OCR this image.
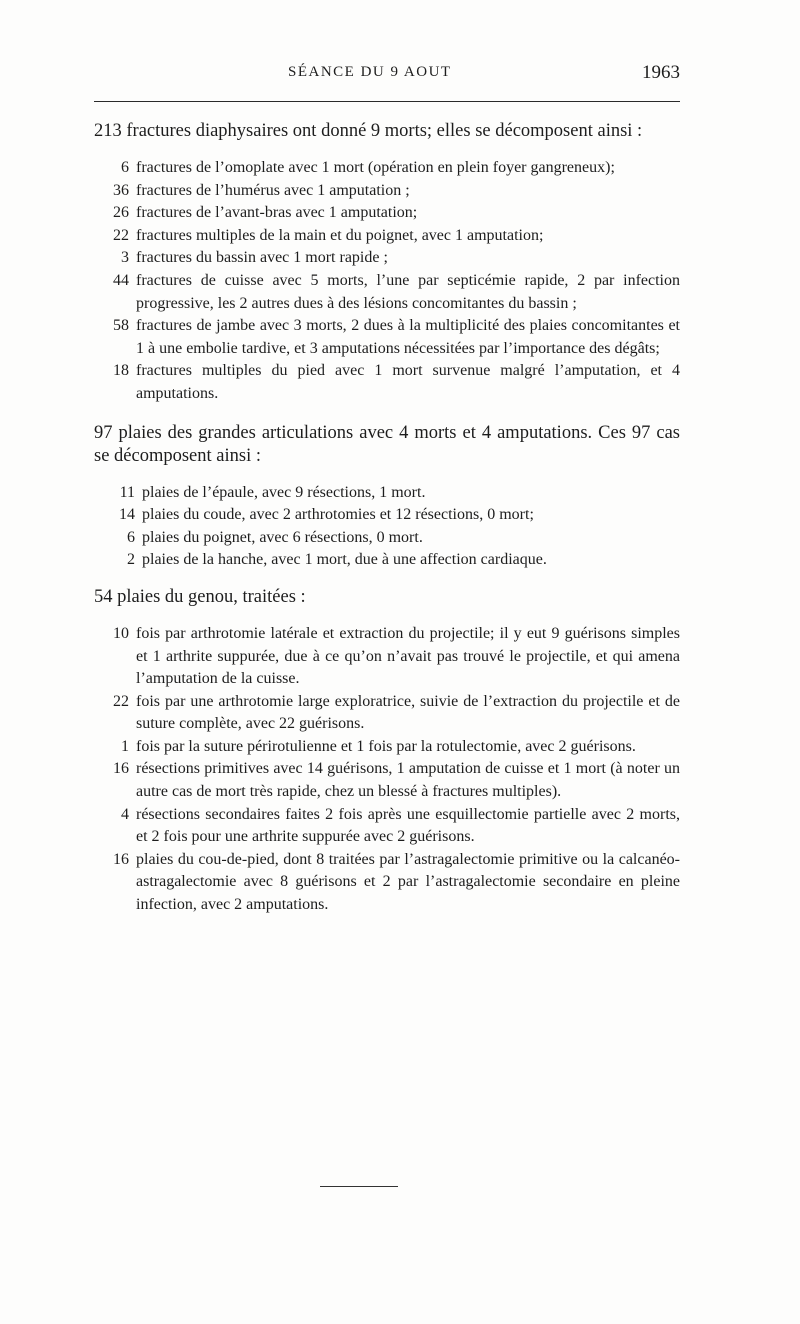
SÉANCE DU 9 AOUT	1963

213 fractures diaphysaires ont donné 9 morts; elles se décomposent ainsi :

6 fractures de l’omoplate avec 1 mort (opération en plein foyer gangreneux);
36 fractures de l’humérus avec 1 amputation ;
26 fractures de l’avant-bras avec 1 amputation;
22 fractures multiples de la main et du poignet, avec 1 amputation;
3 fractures du bassin avec 1 mort rapide ;
44 fractures de cuisse avec 5 morts, l’une par septicémie rapide, 2 par infection progressive, les 2 autres dues à des lésions concomitantes du bassin ;
58 fractures de jambe avec 3 morts, 2 dues à la multiplicité des plaies concomitantes et 1 à une embolie tardive, et 3 amputations nécessitées par l’importance des dégâts;
18 fractures multiples du pied avec 1 mort survenue malgré l’amputation, et 4 amputations.

97 plaies des grandes articulations avec 4 morts et 4 amputations. Ces 97 cas se décomposent ainsi :

11 plaies de l’épaule, avec 9 résections, 1 mort.
14 plaies du coude, avec 2 arthrotomies et 12 résections, 0 mort;
6 plaies du poignet, avec 6 résections, 0 mort.
2 plaies de la hanche, avec 1 mort, due à une affection cardiaque.

54 plaies du genou, traitées :

10 fois par arthrotomie latérale et extraction du projectile; il y eut 9 guérisons simples et 1 arthrite suppurée, due à ce qu’on n’avait pas trouvé le projectile, et qui amena l’amputation de la cuisse.
22 fois par une arthrotomie large exploratrice, suivie de l’extraction du projectile et de suture complète, avec 22 guérisons.
1 fois par la suture périrotulienne et 1 fois par la rotulectomie, avec 2 guérisons.
16 résections primitives avec 14 guérisons, 1 amputation de cuisse et 1 mort (à noter un autre cas de mort très rapide, chez un blessé à fractures multiples).
4 résections secondaires faites 2 fois après une esquillectomie partielle avec 2 morts, et 2 fois pour une arthrite suppurée avec 2 guérisons.
16 plaies du cou-de-pied, dont 8 traitées par l’astragalectomie primitive ou la calcanéo-astragalectomie avec 8 guérisons et 2 par l’astragalectomie secondaire en pleine infection, avec 2 amputations.
